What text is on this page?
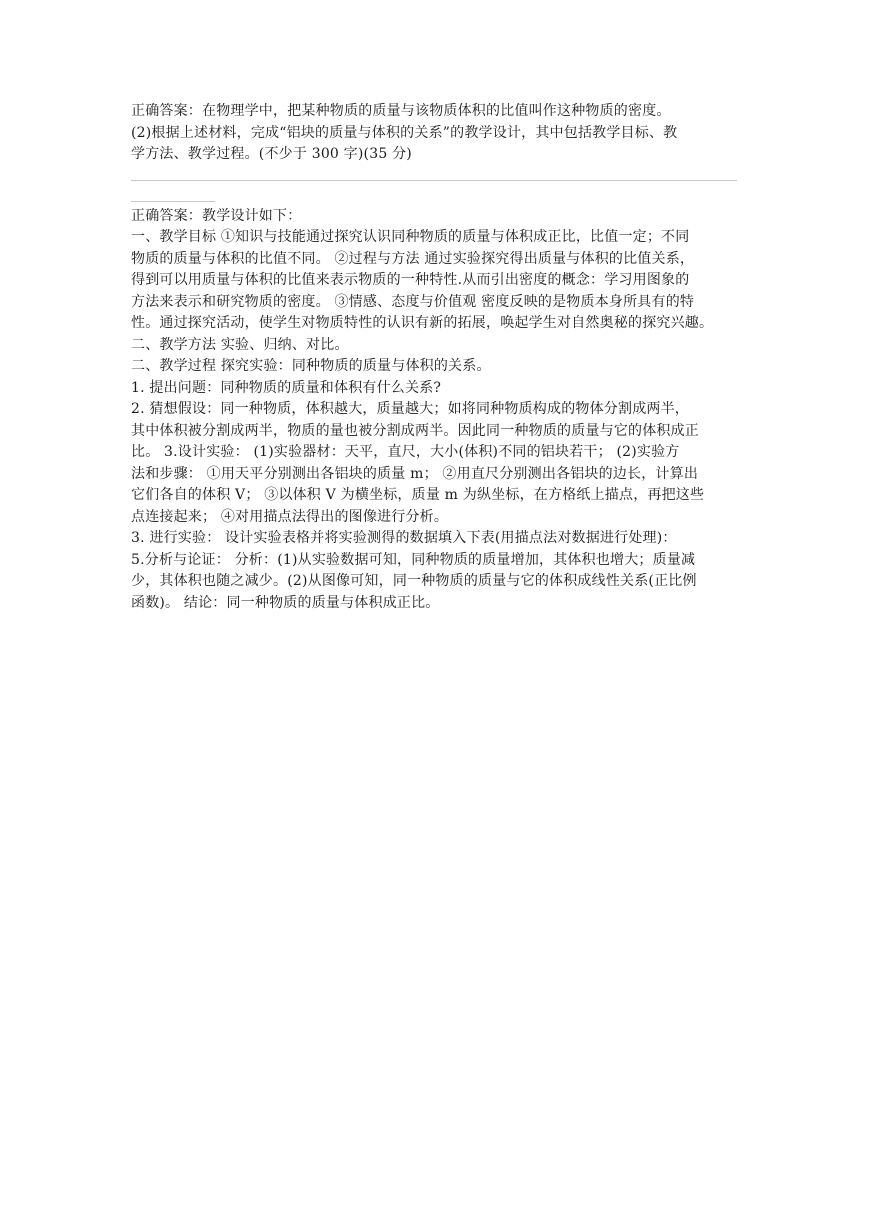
正确答案：在物理学中，把某种物质的质量与该物质体积的比值叫作这种物质的密度。
(2)根据上述材料，完成“铝块的质量与体积的关系”的教学设计，其中包括教学目标、教
学方法、教学过程。(不少于 300 字)(35 分)
正确答案：教学设计如下：
一、教学目标 ①知识与技能通过探究认识同种物质的质量与体积成正比，比值一定；不同
物质的质量与体积的比值不同。 ②过程与方法 通过实验探究得出质量与体积的比值关系，
得到可以用质量与体积的比值来表示物质的一种特性.从而引出密度的概念：学习用图象的
方法来表示和研究物质的密度。 ③情感、态度与价值观 密度反映的是物质本身所具有的特
性。通过探究活动，使学生对物质特性的认识有新的拓展，唤起学生对自然奥秘的探究兴趣。
二、教学方法 实验、归纳、对比。
二、教学过程 探究实验：同种物质的质量与体积的关系。
1. 提出问题：同种物质的质量和体积有什么关系?
2. 猜想假设：同一种物质，体积越大，质量越大；如将同种物质构成的物体分割成两半，
其中体积被分割成两半，物质的量也被分割成两半。因此同一种物质的质量与它的体积成正
比。 3.设计实验： (1)实验器材：天平，直尺，大小(体积)不同的铝块若干； (2)实验方
法和步骤： ①用天平分别测出各铝块的质量 m； ②用直尺分别测出各铝块的边长，计算出
它们各自的体积 V； ③以体积 V 为横坐标，质量 m 为纵坐标，在方格纸上描点，再把这些
点连接起来； ④对用描点法得出的图像进行分析。
3. 进行实验： 设计实验表格并将实验测得的数据填入下表(用描点法对数据进行处理)：
5.分析与论证： 分析：(1)从实验数据可知，同种物质的质量增加，其体积也增大；质量减
少，其体积也随之减少。(2)从图像可知，同一种物质的质量与它的体积成线性关系(正比例
函数)。 结论：同一种物质的质量与体积成正比。
